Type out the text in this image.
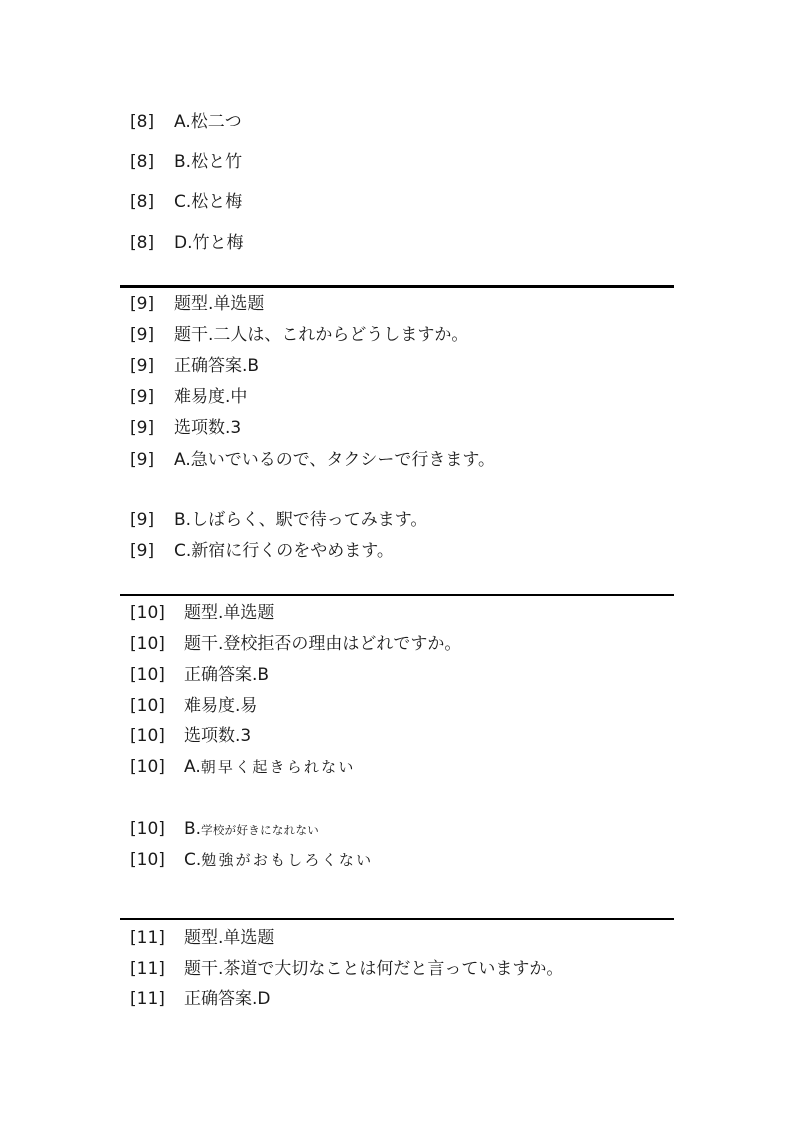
[8] A.松二つ
[8] B.松と竹
[8] C.松と梅
[8] D.竹と梅
[9] 题型.单选题
[9] 题干.二人は、これからどうしますか。
[9] 正确答案.B
[9] 难易度.中
[9] 选项数.3
[9] A.急いでいるので、タクシーで行きます。
[9] B.しばらく、駅で待ってみます。
[9] C.新宿に行くのをやめます。
[10] 题型.单选题
[10] 题干.登校拒否の理由はどれですか。
[10] 正确答案.B
[10] 难易度.易
[10] 选项数.3
[10] A.朝早く起きられない
[10] B.学校が好きになれない
[10] C.勉強がおもしろくない
[11] 题型.单选题
[11] 题干.茶道で大切なことは何だと言っていますか。
[11] 正确答案.D
